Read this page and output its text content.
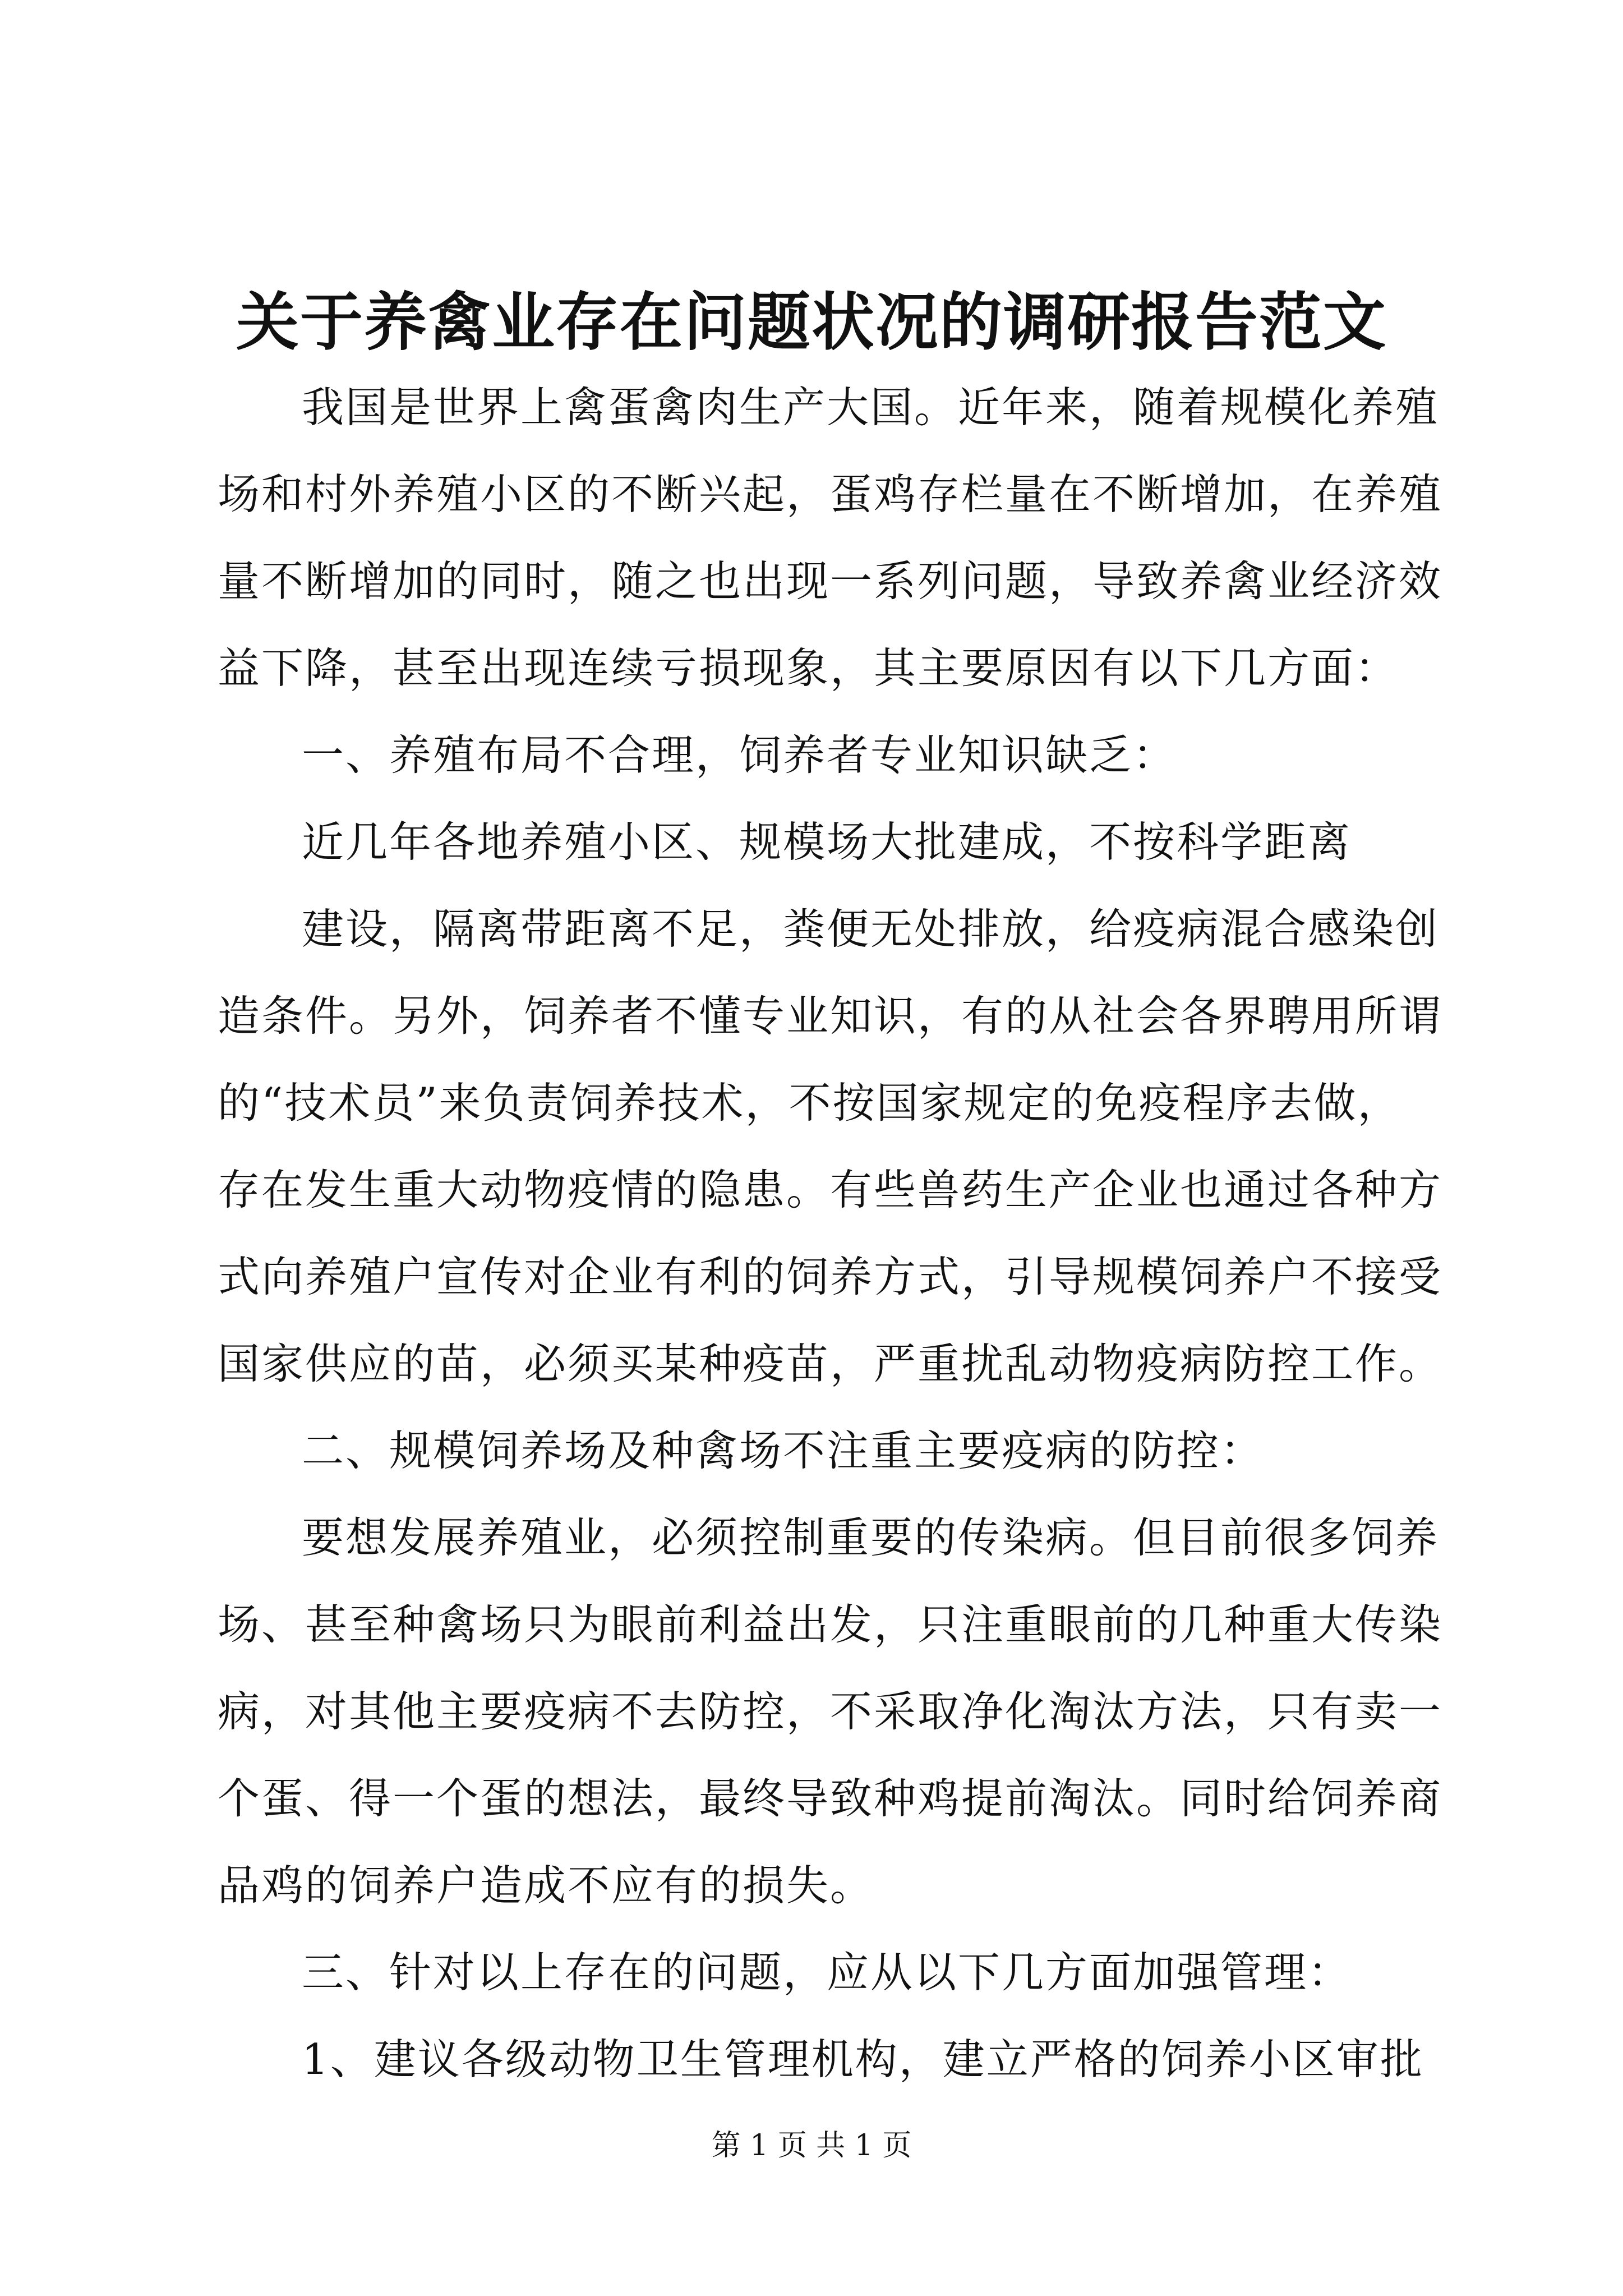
关于养禽业存在问题状况的调研报告范文
我国是世界上禽蛋禽肉生产大国。近年来，随着规模化养殖
场和村外养殖小区的不断兴起，蛋鸡存栏量在不断增加，在养殖
量不断增加的同时，随之也出现一系列问题，导致养禽业经济效
益下降，甚至出现连续亏损现象，其主要原因有以下几方面：
一、养殖布局不合理，饲养者专业知识缺乏：
近几年各地养殖小区、规模场大批建成，不按科学距离
建设，隔离带距离不足，粪便无处排放，给疫病混合感染创
造条件。另外，饲养者不懂专业知识，有的从社会各界聘用所谓
的“技术员”来负责饲养技术，不按国家规定的免疫程序去做，
存在发生重大动物疫情的隐患。有些兽药生产企业也通过各种方
式向养殖户宣传对企业有利的饲养方式，引导规模饲养户不接受
国家供应的苗，必须买某种疫苗，严重扰乱动物疫病防控工作。
二、规模饲养场及种禽场不注重主要疫病的防控：
要想发展养殖业，必须控制重要的传染病。但目前很多饲养
场、甚至种禽场只为眼前利益出发，只注重眼前的几种重大传染
病，对其他主要疫病不去防控，不采取净化淘汰方法，只有卖一
个蛋、得一个蛋的想法，最终导致种鸡提前淘汰。同时给饲养商
品鸡的饲养户造成不应有的损失。
三、针对以上存在的问题，应从以下几方面加强管理：
1、建议各级动物卫生管理机构，建立严格的饲养小区审批
第 1 页 共 1 页
